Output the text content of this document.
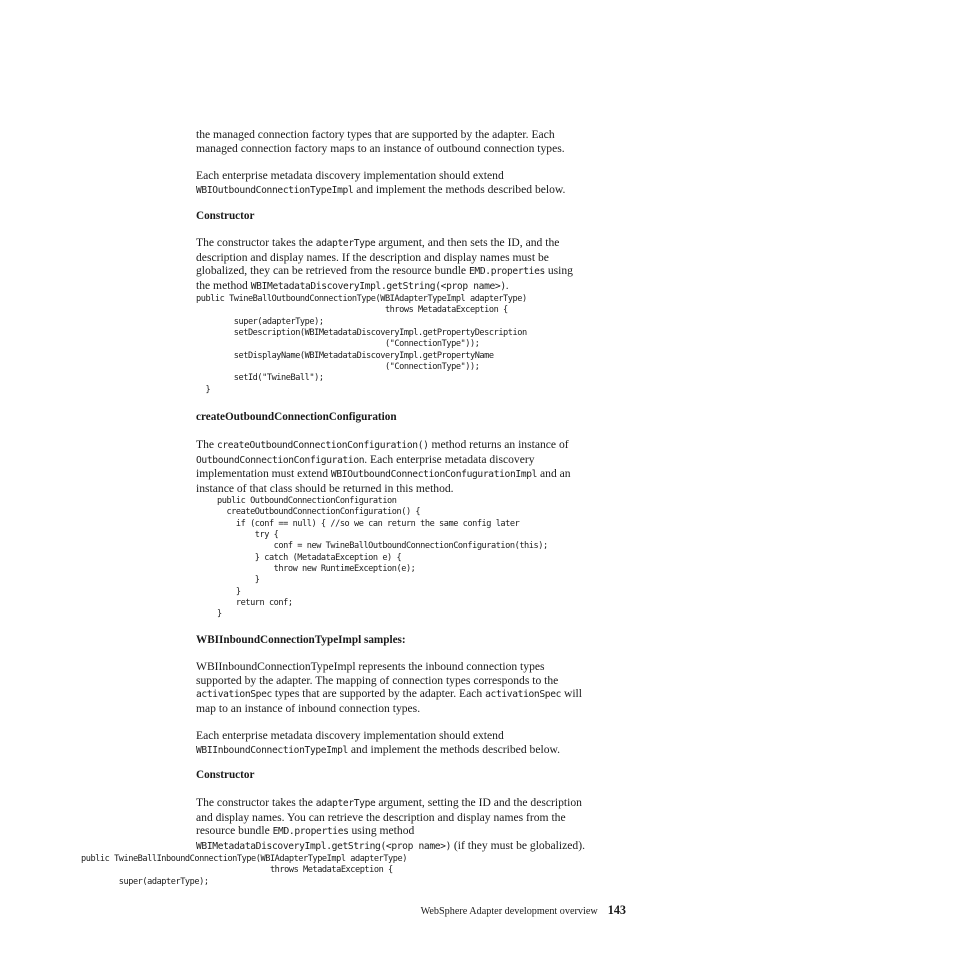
the managed connection factory types that are supported by the adapter. Each
managed connection factory maps to an instance of outbound connection types.

Each enterprise metadata discovery implementation should extend
WBIOutboundConnectionTypeImpl and implement the methods described below.

Constructor

The constructor takes the adapterType argument, and then sets the ID, and the
description and display names. If the description and display names must be
globalized, they can be retrieved from the resource bundle EMD.properties using
the method WBIMetadataDiscoveryImpl.getString(<prop name>).

public TwineBallOutboundConnectionType(WBIAdapterTypeImpl adapterType)
throws MetadataException {
super(adapterType);
setDescription(WBIMetadataDiscoveryImpl.getPropertyDescription
("ConnectionType"));
setDisplayName(WBIMetadataDiscoveryImpl.getPropertyName
("ConnectionType"));
setId("TwineBall");
}
createOutboundConnectionConfiguration

The createOutboundConnectionConfiguration() method returns an instance of
OutboundConnectionConfiguration. Each enterprise metadata discovery
implementation must extend WBIOutboundConnectionConfugurationImpl and an
instance of that class should be returned in this method.

public OutboundConnectionConfiguration
createOutboundConnectionConfiguration() {
if (conf == null) { //so we can return the same config later
try {
conf = new TwineBallOutboundConnectionConfiguration(this);
} catch (MetadataException e) {
throw new RuntimeException(e);
}
}
return conf;
}
WBIInboundConnectionTypeImpl samples:

WBIInboundConnectionTypeImpl represents the inbound connection types
supported by the adapter. The mapping of connection types corresponds to the
activationSpec types that are supported by the adapter. Each activationSpec will
map to an instance of inbound connection types.

Each enterprise metadata discovery implementation should extend
WBIInboundConnectionTypeImpl and implement the methods described below.

Constructor

The constructor takes the adapterType argument, setting the ID and the description
and display names. You can retrieve the description and display names from the
resource bundle EMD.properties using method
WBIMetadataDiscoveryImpl.getString(<prop name>) (if they must be globalized).

public TwineBallInboundConnectionType(WBIAdapterTypeImpl adapterType)
throws MetadataException {
super(adapterType);
WebSphere Adapter development overview 143
